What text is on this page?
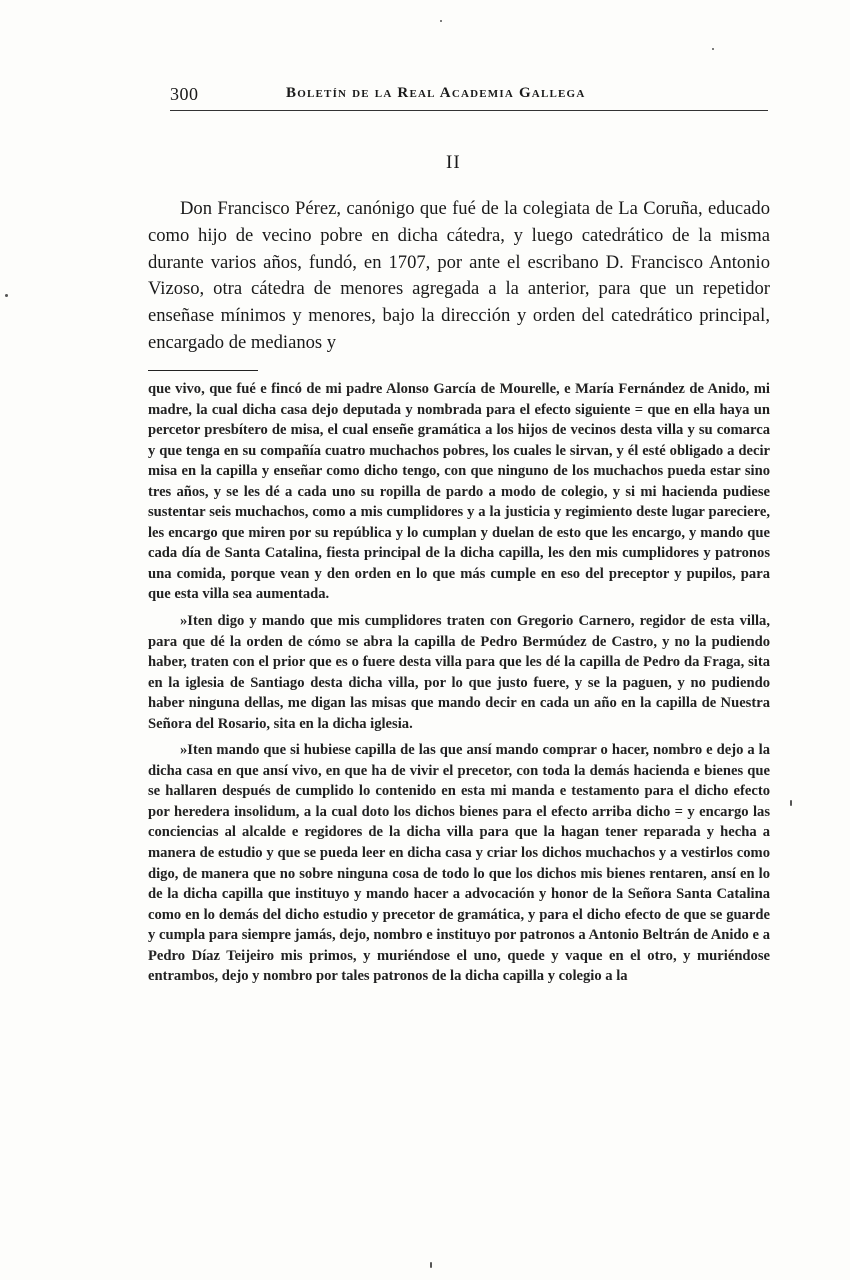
300	Boletín de la Real Academia Gallega
II

Don Francisco Pérez, canónigo que fué de la colegiata de La Coruña, educado como hijo de vecino pobre en dicha cátedra, y luego catedrático de la misma durante varios años, fundó, en 1707, por ante el escribano D. Francisco Antonio Vizoso, otra cátedra de menores agregada a la anterior, para que un repetidor enseñase mínimos y menores, bajo la dirección y orden del catedrático principal, encargado de medianos y

que vivo, que fué e fincó de mi padre Alonso García de Mourelle, e María Fernández de Anido, mi madre, la cual dicha casa dejo deputada y nombrada para el efecto siguiente = que en ella haya un percetor presbítero de misa, el cual enseñe gramática a los hijos de vecinos desta villa y su comarca y que tenga en su compañía cuatro muchachos pobres, los cuales le sirvan, y él esté obligado a decir misa en la capilla y enseñar como dicho tengo, con que ninguno de los muchachos pueda estar sino tres años, y se les dé a cada uno su ropilla de pardo a modo de colegio, y si mi hacienda pudiese sustentar seis muchachos, como a mis cumplidores y a la justicia y regimiento deste lugar pareciere, les encargo que miren por su república y lo cumplan y duelan de esto que les encargo, y mando que cada día de Santa Catalina, fiesta principal de la dicha capilla, les den mis cumplidores y patronos una comida, porque vean y den orden en lo que más cumple en eso del preceptor y pupilos, para que esta villa sea aumentada.

»Iten digo y mando que mis cumplidores traten con Gregorio Carnero, regidor de esta villa, para que dé la orden de cómo se abra la capilla de Pedro Bermúdez de Castro, y no la pudiendo haber, traten con el prior que es o fuere desta villa para que les dé la capilla de Pedro da Fraga, sita en la iglesia de Santiago desta dicha villa, por lo que justo fuere, y se la paguen, y no pudiendo haber ninguna dellas, me digan las misas que mando decir en cada un año en la capilla de Nuestra Señora del Rosario, sita en la dicha iglesia.

»Iten mando que si hubiese capilla de las que ansí mando comprar o hacer, nombro e dejo a la dicha casa en que ansí vivo, en que ha de vivir el precetor, con toda la demás hacienda e bienes que se hallaren después de cumplido lo contenido en esta mi manda e testamento para el dicho efecto por heredera insolidum, a la cual doto los dichos bienes para el efecto arriba dicho = y encargo las conciencias al alcalde e regidores de la dicha villa para que la hagan tener reparada y hecha a manera de estudio y que se pueda leer en dicha casa y criar los dichos muchachos y a vestirlos como digo, de manera que no sobre ninguna cosa de todo lo que los dichos mis bienes rentaren, ansí en lo de la dicha capilla que instituyo y mando hacer a advocación y honor de la Señora Santa Catalina como en lo demás del dicho estudio y precetor de gramática, y para el dicho efecto de que se guarde y cumpla para siempre jamás, dejo, nombro e instituyo por patronos a Antonio Beltrán de Anido e a Pedro Díaz Teijeiro mis primos, y muriéndose el uno, quede y vaque en el otro, y muriéndose entrambos, dejo y nombro por tales patronos de la dicha capilla y colegio a la
